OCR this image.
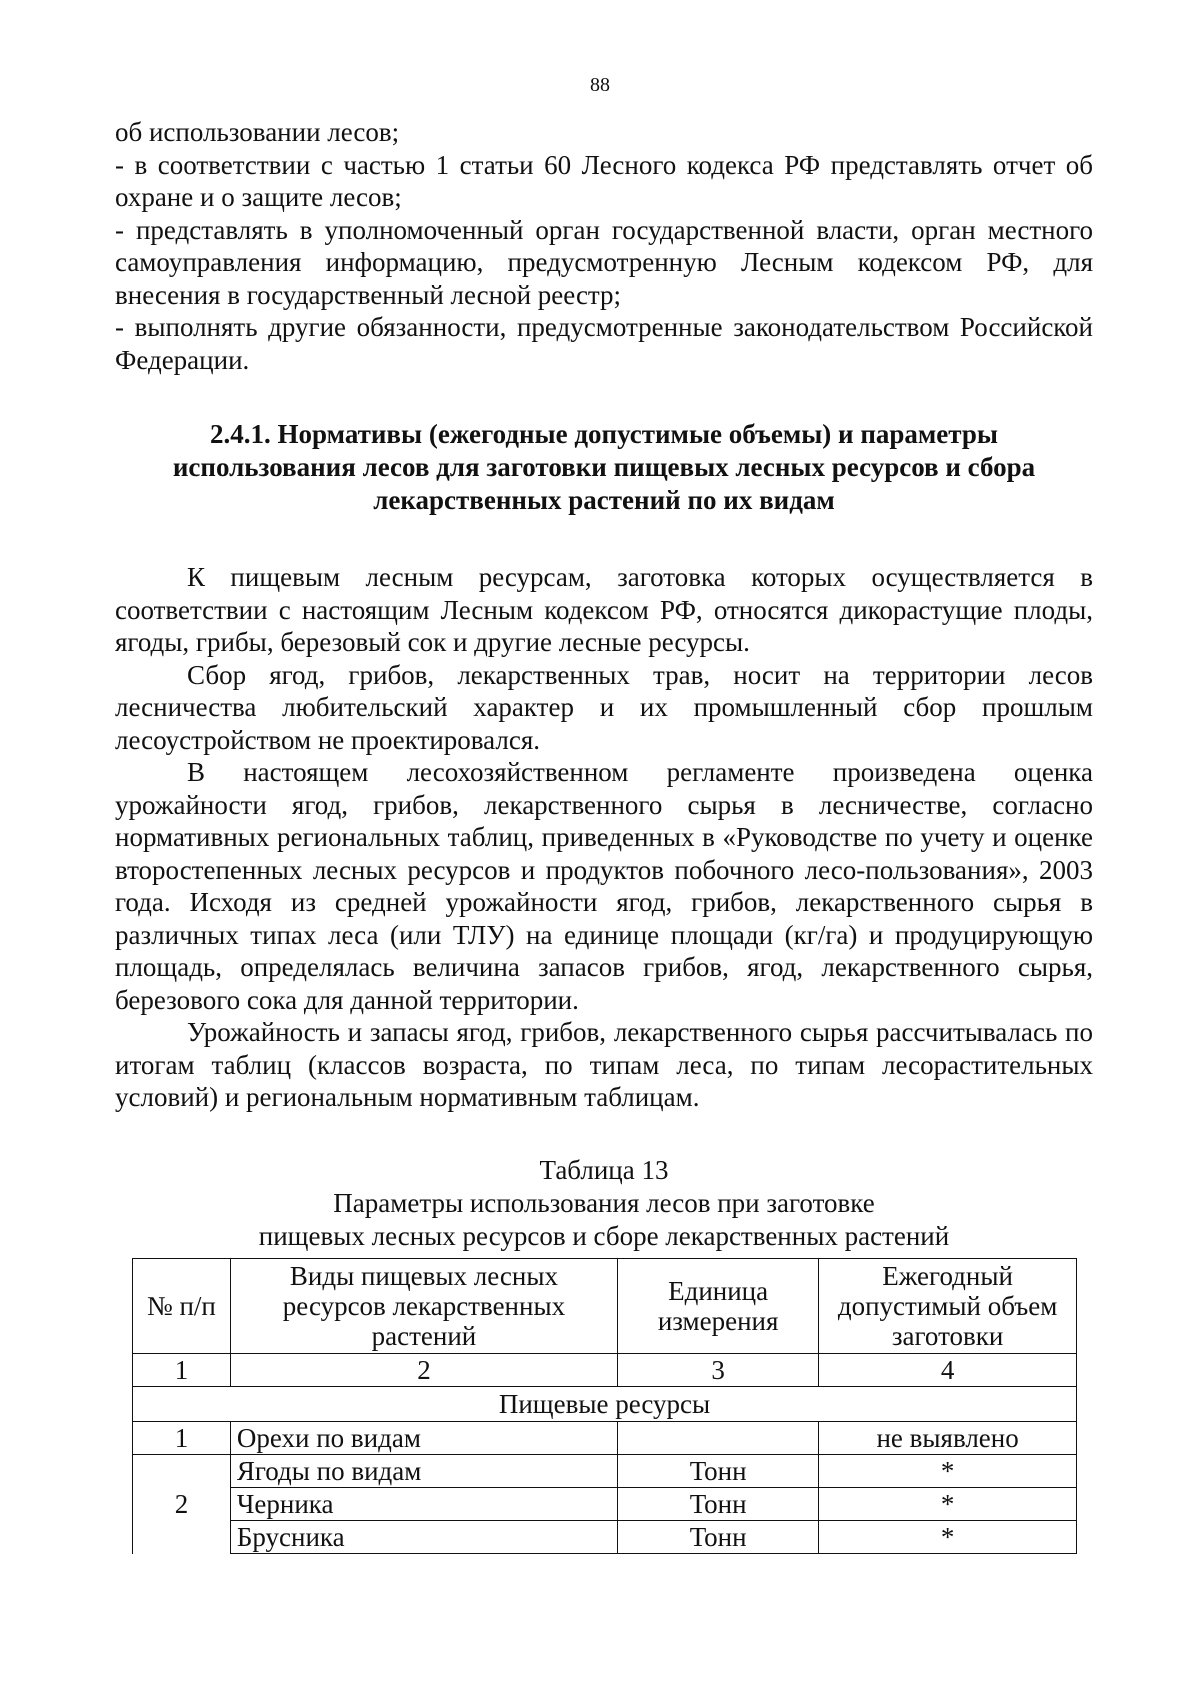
88

об использовании лесов;

- в соответствии с частью 1 статьи 60 Лесного кодекса РФ представлять отчет об охране и о защите лесов;

- представлять в уполномоченный орган государственной власти, орган местного самоуправления информацию, предусмотренную Лесным кодексом РФ, для внесения в государственный лесной реестр;

- выполнять другие обязанности, предусмотренные законодательством Российской Федерации.

2.4.1. Нормативы (ежегодные допустимые объемы) и параметры использования лесов для заготовки пищевых лесных ресурсов и сбора лекарственных растений по их видам

К пищевым лесным ресурсам, заготовка которых осуществляется в соответствии с настоящим Лесным кодексом РФ, относятся дикорастущие плоды, ягоды, грибы, березовый сок и другие лесные ресурсы.

Сбор ягод, грибов, лекарственных трав, носит на территории лесов лесничества любительский характер и их промышленный сбор прошлым лесоустройством не проектировался.

В настоящем лесохозяйственном регламенте произведена оценка урожайности ягод, грибов, лекарственного сырья в лесничестве, согласно нормативных региональных таблиц, приведенных в «Руководстве по учету и оценке второстепенных лесных ресурсов и продуктов побочного лесо-пользования», 2003 года. Исходя из средней урожайности ягод, грибов, лекарственного сырья в различных типах леса (или ТЛУ) на единице площади (кг/га) и продуцирующую площадь, определялась величина запасов грибов, ягод, лекарственного сырья, березового сока для данной территории.

Урожайность и запасы ягод, грибов, лекарственного сырья рассчитывалась по итогам таблиц (классов возраста, по типам леса, по типам лесорастительных условий) и региональным нормативным таблицам.

Таблица 13
Параметры использования лесов при заготовке
пищевых лесных ресурсов и сборе лекарственных растений
№ п/п	Виды пищевых лесных ресурсов лекарственных растений	Единица измерения	Ежегодный допустимый объем заготовки
1	2	3	4
Пищевые ресурсы			
1	Орехи по видам		не выявлено
2	Ягоды по видам	Тонн	*
	Черника	Тонн	*
	Брусника	Тонн	*
